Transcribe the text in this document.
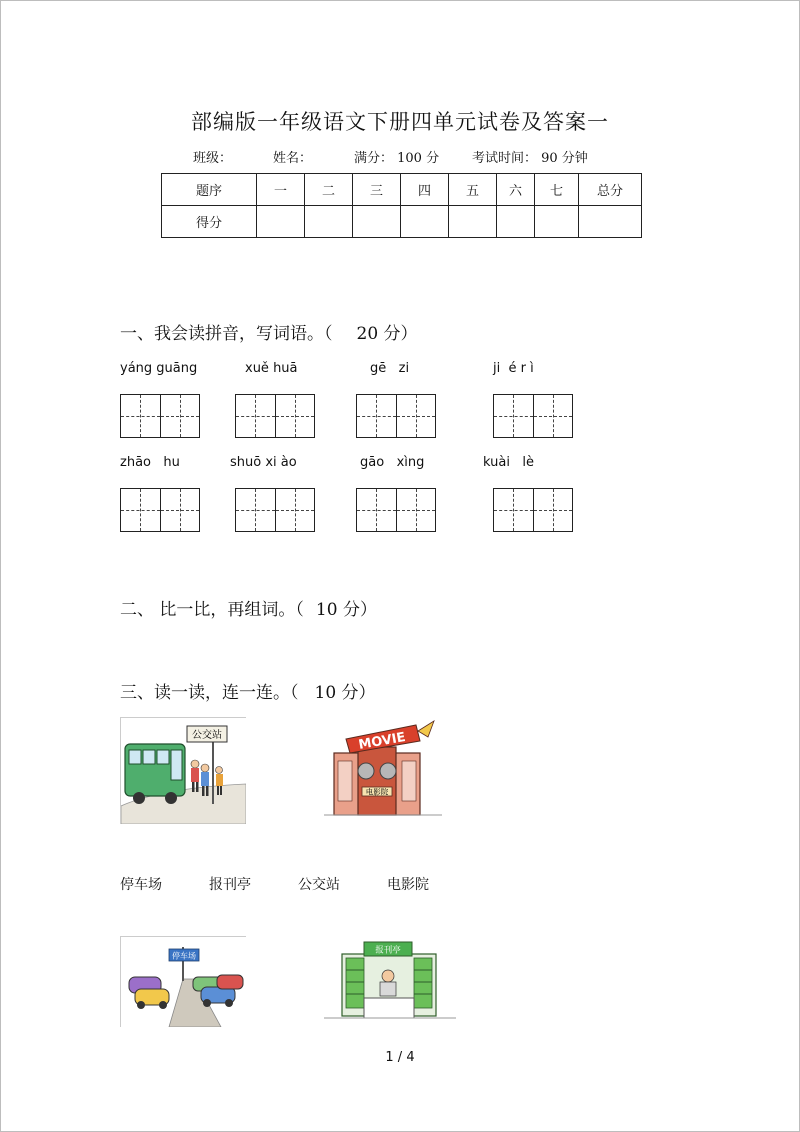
部编版一年级语文下册四单元试卷及答案一
班级：	姓名：	满分： 100 分	考试时间： 90 分钟
题序	一	二	三	四	五	六	七	总分
得分								
一、我会读拼音，写词语。（ 20 分）
yáng guāng	xuě huā	gē   zi	ji  é r ì
zhāo   hu	shuō xi ào	gāo   xìng	kuài   lè
二、 比一比，再组词。（ 10 分）
三、读一读，连一连。（ 10 分）
公交站
电影院
MOVIE
停车场	报刊亭	公交站	电影院
停车场
报刊亭
1 / 4
